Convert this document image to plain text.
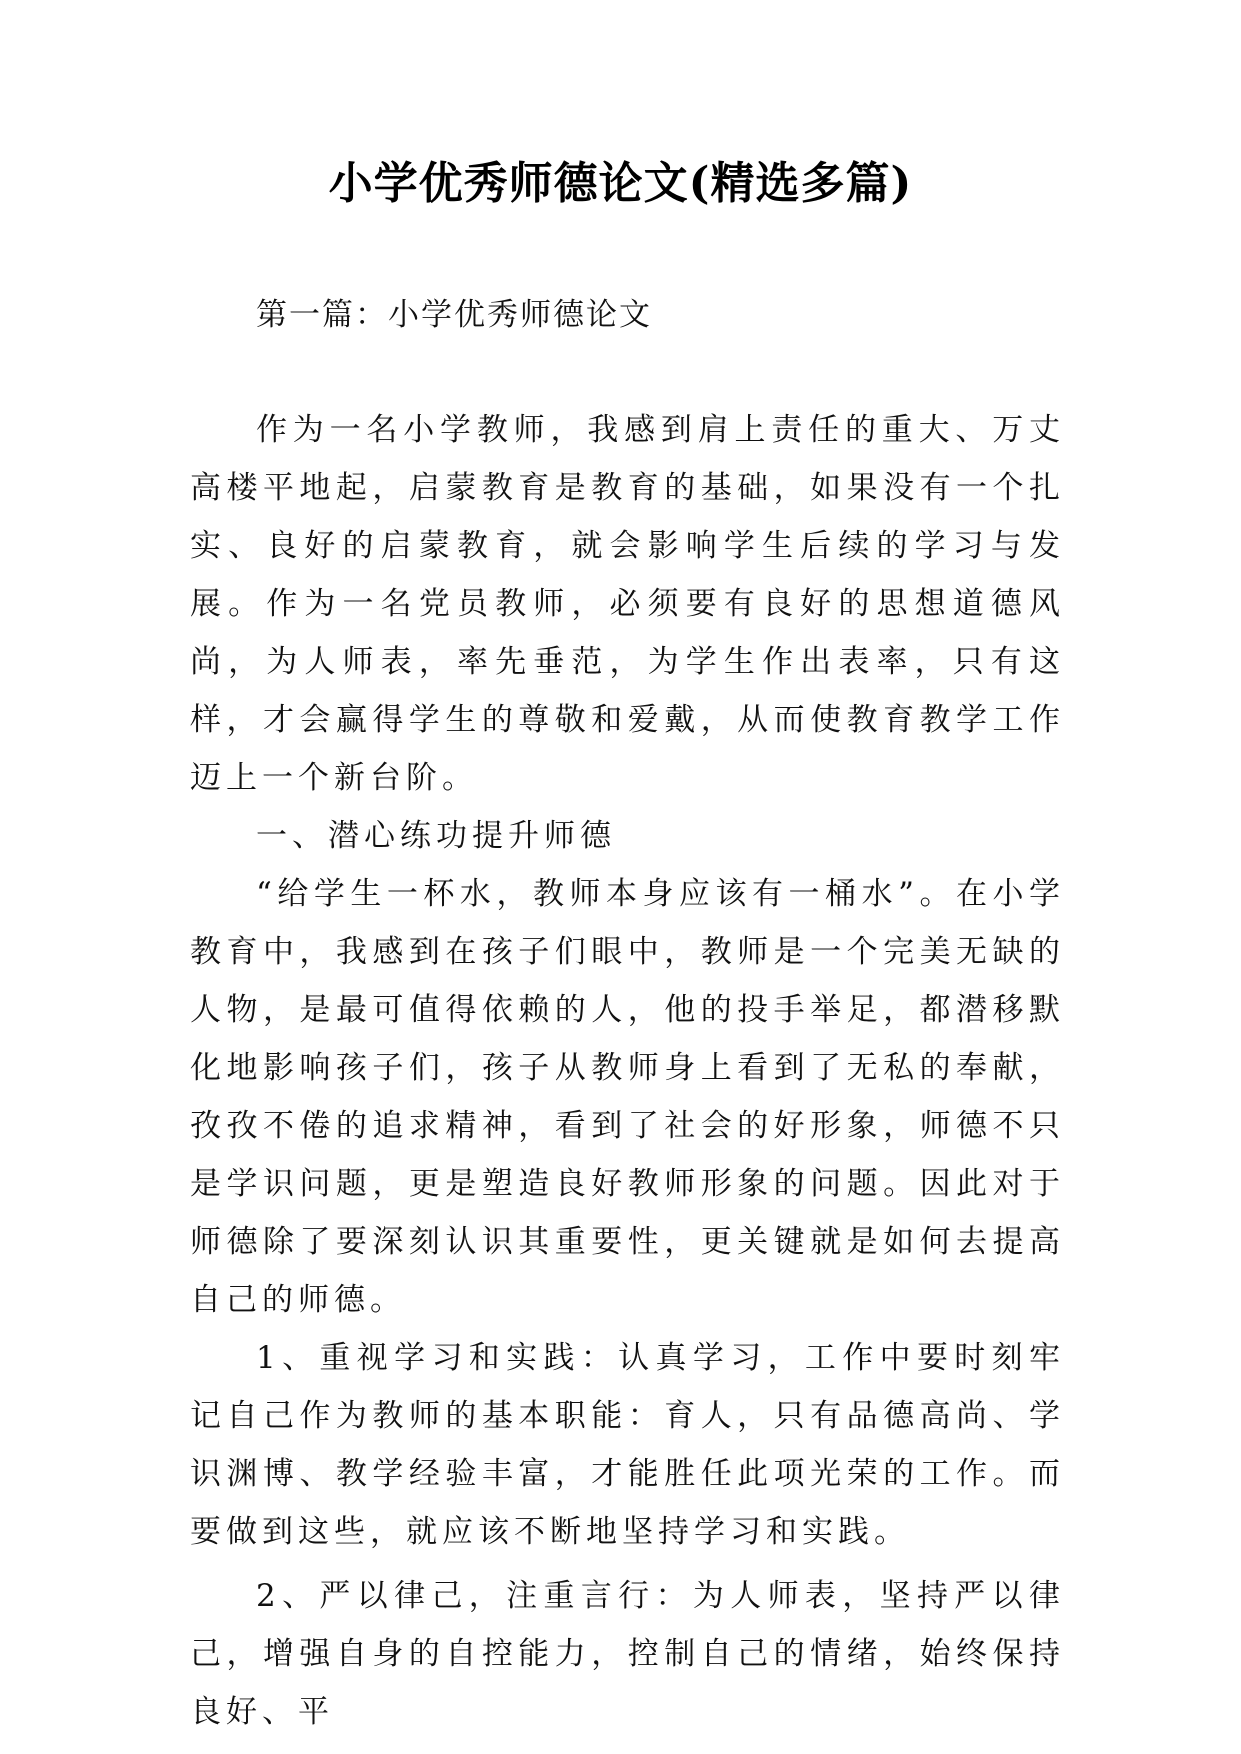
小学优秀师德论文(精选多篇)
第一篇：小学优秀师德论文

作为一名小学教师，我感到肩上责任的重大、万丈高楼平地起，启蒙教育是教育的基础，如果没有一个扎实、良好的启蒙教育，就会影响学生后续的学习与发展。作为一名党员教师，必须要有良好的思想道德风尚，为人师表，率先垂范，为学生作出表率，只有这样，才会赢得学生的尊敬和爱戴，从而使教育教学工作迈上一个新台阶。

一、潜心练功提升师德

“给学生一杯水，教师本身应该有一桶水”。在小学教育中，我感到在孩子们眼中，教师是一个完美无缺的人物，是最可值得依赖的人，他的投手举足，都潜移默化地影响孩子们，孩子从教师身上看到了无私的奉献，孜孜不倦的追求精神，看到了社会的好形象，师德不只是学识问题，更是塑造良好教师形象的问题。因此对于师德除了要深刻认识其重要性，更关键就是如何去提高自己的师德。

1、重视学习和实践：认真学习，工作中要时刻牢记自己作为教师的基本职能：育人，只有品德高尚、学识渊博、教学经验丰富，才能胜任此项光荣的工作。而要做到这些，就应该不断地坚持学习和实践。

2、严以律己，注重言行：为人师表，坚持严以律己，增强自身的自控能力，控制自己的情绪，始终保持良好、平
